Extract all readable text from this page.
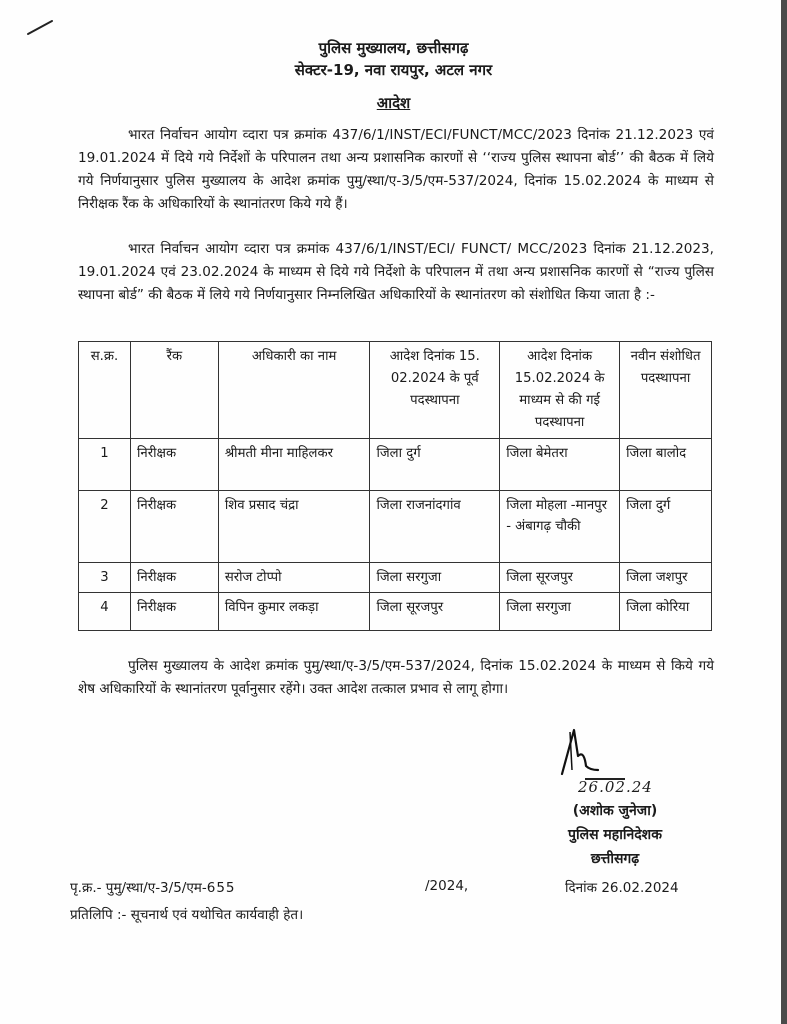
पुलिस मुख्यालय, छत्तीसगढ़
सेक्टर-19, नवा रायपुर, अटल नगर
आदेश
भारत निर्वाचन आयोग व्दारा पत्र क्रमांक 437/6/1/INST/ECI/FUNCT/MCC/2023 दिनांक 21.12.2023 एवं 19.01.2024 में दिये गये निर्देशों के परिपालन तथा अन्य प्रशासनिक कारणों से ‘‘राज्य पुलिस स्थापना बोर्ड’’ की बैठक में लिये गये निर्णयानुसार पुलिस मुख्यालय के आदेश क्रमांक पुमु/स्था/ए-3/5/एम-537/2024, दिनांक 15.02.2024 के माध्यम से निरीक्षक रैंक के अधिकारियों के स्थानांतरण किये गये हैं।
भारत निर्वाचन आयोग व्दारा पत्र क्रमांक 437/6/1/INST/ECI/ FUNCT/ MCC/2023 दिनांक 21.12.2023, 19.01.2024 एवं 23.02.2024 के माध्यम से दिये गये निर्देशो के परिपालन में तथा अन्य प्रशासनिक कारणों से “राज्य पुलिस स्थापना बोर्ड” की बैठक में लिये गये निर्णयानुसार निम्नलिखित अधिकारियों के स्थानांतरण को संशोधित किया जाता है :-
स.क्र.	रैंक	अधिकारी का नाम	आदेश दिनांक 15. 02.2024 के पूर्व पदस्थापना	आदेश दिनांक 15.02.2024 के माध्यम से की गई पदस्थापना	नवीन संशोधित पदस्थापना
1	निरीक्षक	श्रीमती मीना माहिलकर	जिला दुर्ग	जिला बेमेतरा	जिला बालोद
2	निरीक्षक	शिव प्रसाद चंद्रा	जिला राजनांदगांव	जिला मोहला -मानपुर - अंबागढ़ चौकी	जिला दुर्ग
3	निरीक्षक	सरोज टोप्पो	जिला सरगुजा	जिला सूरजपुर	जिला जशपुर
4	निरीक्षक	विपिन कुमार लकड़ा	जिला सूरजपुर	जिला सरगुजा	जिला कोरिया
पुलिस मुख्यालय के आदेश क्रमांक पुमु/स्था/ए-3/5/एम-537/2024, दिनांक 15.02.2024 के माध्यम से किये गये शेष अधिकारियों के स्थानांतरण पूर्वानुसार रहेंगे। उक्त आदेश तत्काल प्रभाव से लागू होगा।
26.02.24
(अशोक जुनेजा)
पुलिस महानिदेशक
छत्तीसगढ़
पृ.क्र.- पुमु/स्था/ए-3/5/एम-655	/2024,	दिनांक 26.02.2024
प्रतिलिपि :- सूचनार्थ एवं यथोचित कार्यवाही हेत।
